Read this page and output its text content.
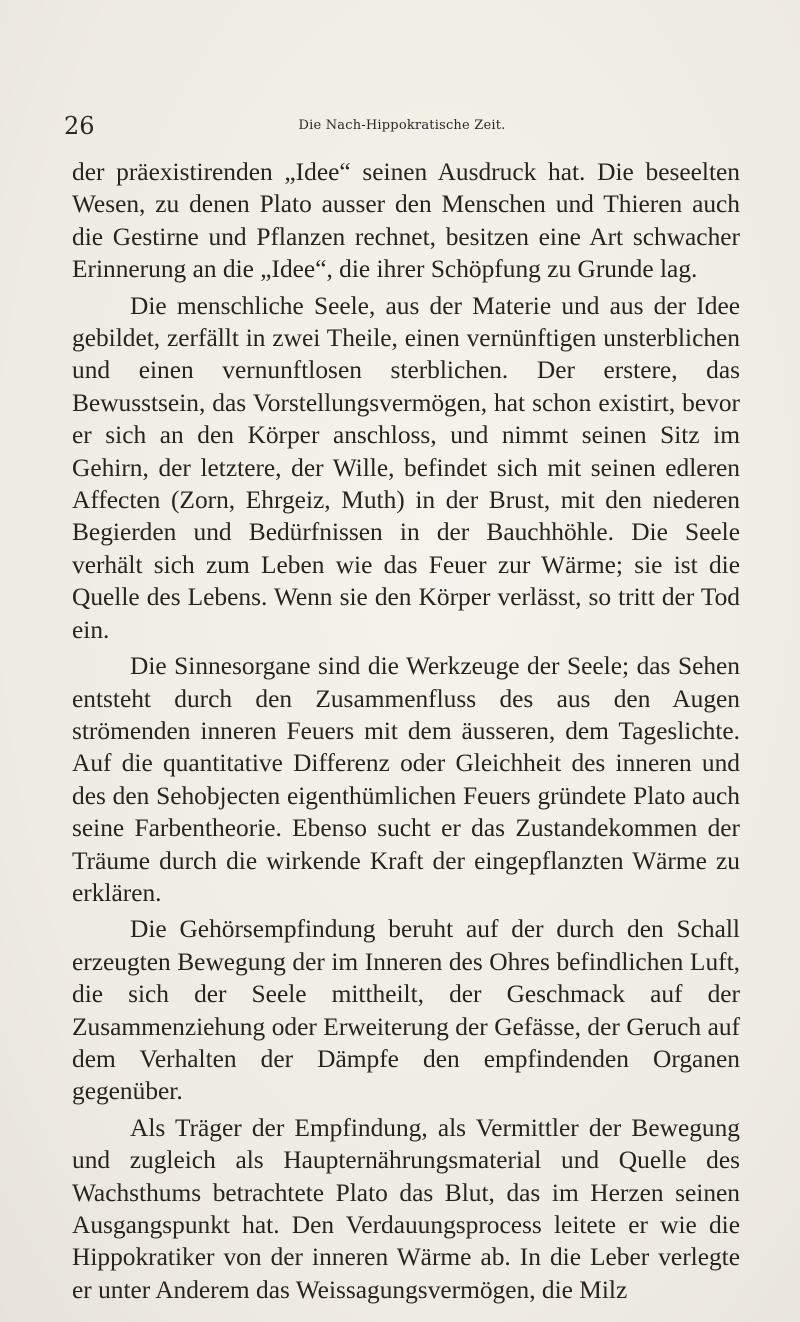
26	Die Nach-Hippokratische Zeit.

der präexistirenden „Idee“ seinen Ausdruck hat. Die beseelten Wesen, zu denen Plato ausser den Menschen und Thieren auch die Gestirne und Pflanzen rechnet, besitzen eine Art schwacher Erinnerung an die „Idee“, die ihrer Schöpfung zu Grunde lag.

Die menschliche Seele, aus der Materie und aus der Idee gebildet, zerfällt in zwei Theile, einen vernünftigen unsterblichen und einen vernunftlosen sterblichen. Der erstere, das Bewusstsein, das Vorstellungsvermögen, hat schon existirt, bevor er sich an den Körper anschloss, und nimmt seinen Sitz im Gehirn, der letztere, der Wille, befindet sich mit seinen edleren Affecten (Zorn, Ehrgeiz, Muth) in der Brust, mit den niederen Begierden und Bedürfnissen in der Bauchhöhle. Die Seele verhält sich zum Leben wie das Feuer zur Wärme; sie ist die Quelle des Lebens. Wenn sie den Körper verlässt, so tritt der Tod ein.

Die Sinnesorgane sind die Werkzeuge der Seele; das Sehen entsteht durch den Zusammenfluss des aus den Augen strömenden inneren Feuers mit dem äusseren, dem Tageslichte. Auf die quantitative Differenz oder Gleichheit des inneren und des den Sehobjecten eigenthümlichen Feuers gründete Plato auch seine Farbentheorie. Ebenso sucht er das Zustandekommen der Träume durch die wirkende Kraft der eingepflanzten Wärme zu erklären.

Die Gehörsempfindung beruht auf der durch den Schall erzeugten Bewegung der im Inneren des Ohres befindlichen Luft, die sich der Seele mittheilt, der Geschmack auf der Zusammenziehung oder Erweiterung der Gefässe, der Geruch auf dem Verhalten der Dämpfe den empfindenden Organen gegenüber.

Als Träger der Empfindung, als Vermittler der Bewegung und zugleich als Haupternährungsmaterial und Quelle des Wachsthums betrachtete Plato das Blut, das im Herzen seinen Ausgangspunkt hat. Den Verdauungsprocess leitete er wie die Hippokratiker von der inneren Wärme ab. In die Leber verlegte er unter Anderem das Weissagungsvermögen, die Milz
